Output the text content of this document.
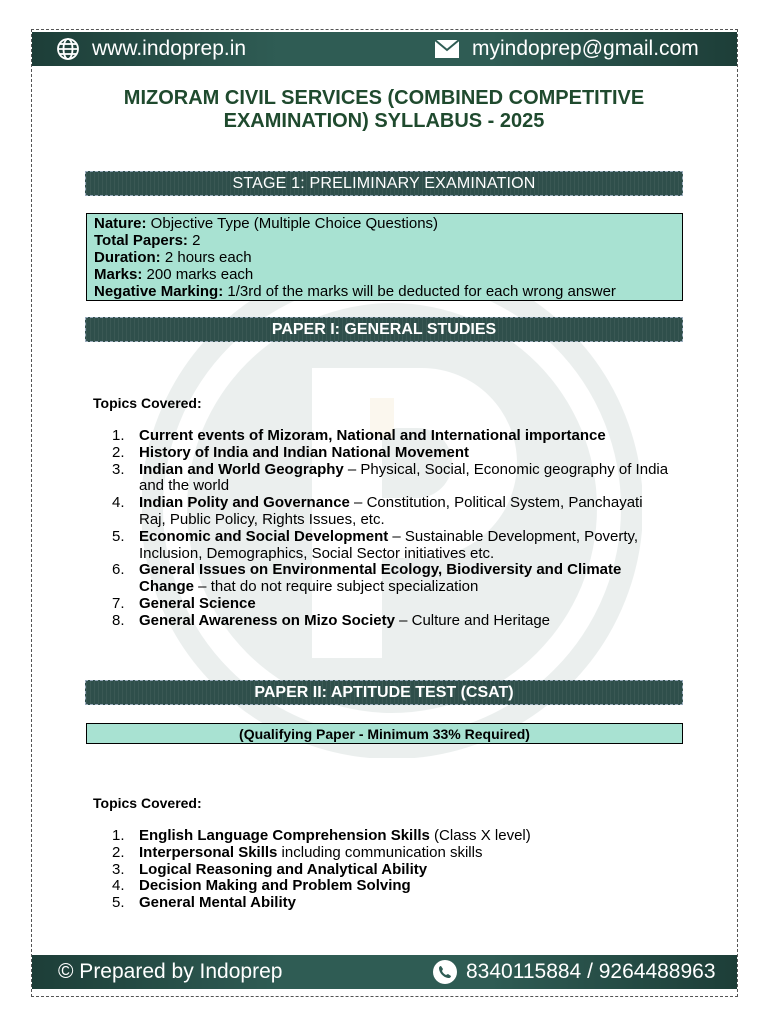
www.indoprep.in	myindoprep@gmail.com
MIZORAM CIVIL SERVICES (COMBINED COMPETITIVE
EXAMINATION) SYLLABUS - 2025
STAGE 1: PRELIMINARY EXAMINATION
Nature: Objective Type (Multiple Choice Questions)
Total Papers: 2
Duration: 2 hours each
Marks: 200 marks each
Negative Marking: 1/3rd of the marks will be deducted for each wrong answer
PAPER I: GENERAL STUDIES
Topics Covered:
1. Current events of Mizoram, National and International importance
2. History of India and Indian National Movement
3. Indian and World Geography – Physical, Social, Economic geography of India and the world
4. Indian Polity and Governance – Constitution, Political System, Panchayati Raj, Public Policy, Rights Issues, etc.
5. Economic and Social Development – Sustainable Development, Poverty, Inclusion, Demographics, Social Sector initiatives etc.
6. General Issues on Environmental Ecology, Biodiversity and Climate Change – that do not require subject specialization
7. General Science
8. General Awareness on Mizo Society – Culture and Heritage
PAPER II: APTITUDE TEST (CSAT)
(Qualifying Paper - Minimum 33% Required)
Topics Covered:
1. English Language Comprehension Skills (Class X level)
2. Interpersonal Skills including communication skills
3. Logical Reasoning and Analytical Ability
4. Decision Making and Problem Solving
5. General Mental Ability
© Prepared by Indoprep	8340115884 / 9264488963
